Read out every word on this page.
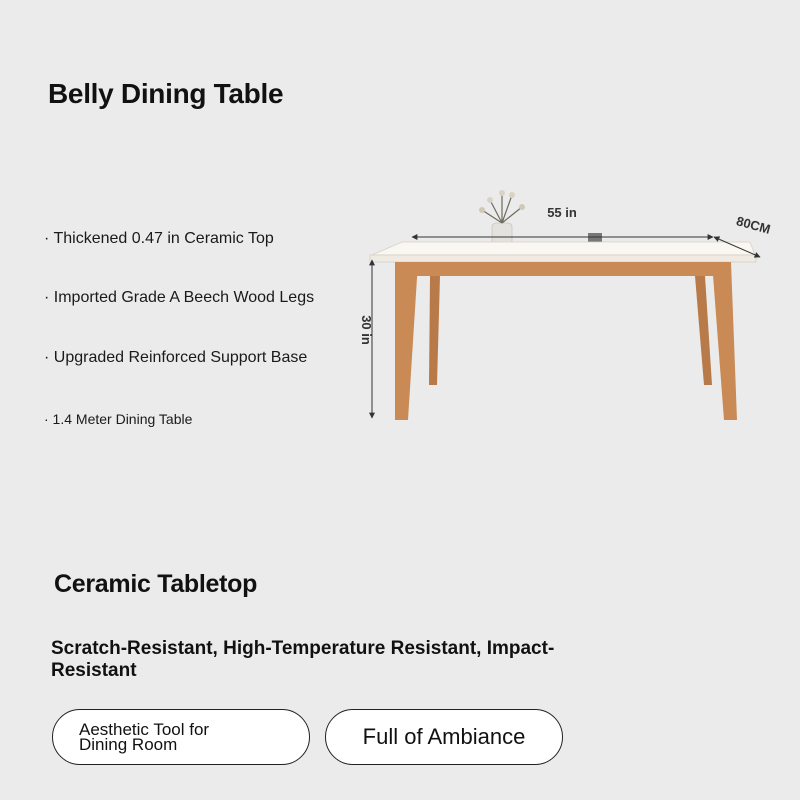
Belly Dining Table
· Thickened 0.47 in Ceramic Top
· Imported Grade A Beech Wood Legs
· Upgraded Reinforced Support Base
· 1.4 Meter Dining Table
55 in
80CM
30 in
Ceramic Tabletop

Scratch-Resistant, High-Temperature Resistant, Impact-Resistant

Aesthetic Tool for Dining Room	Full of Ambiance
